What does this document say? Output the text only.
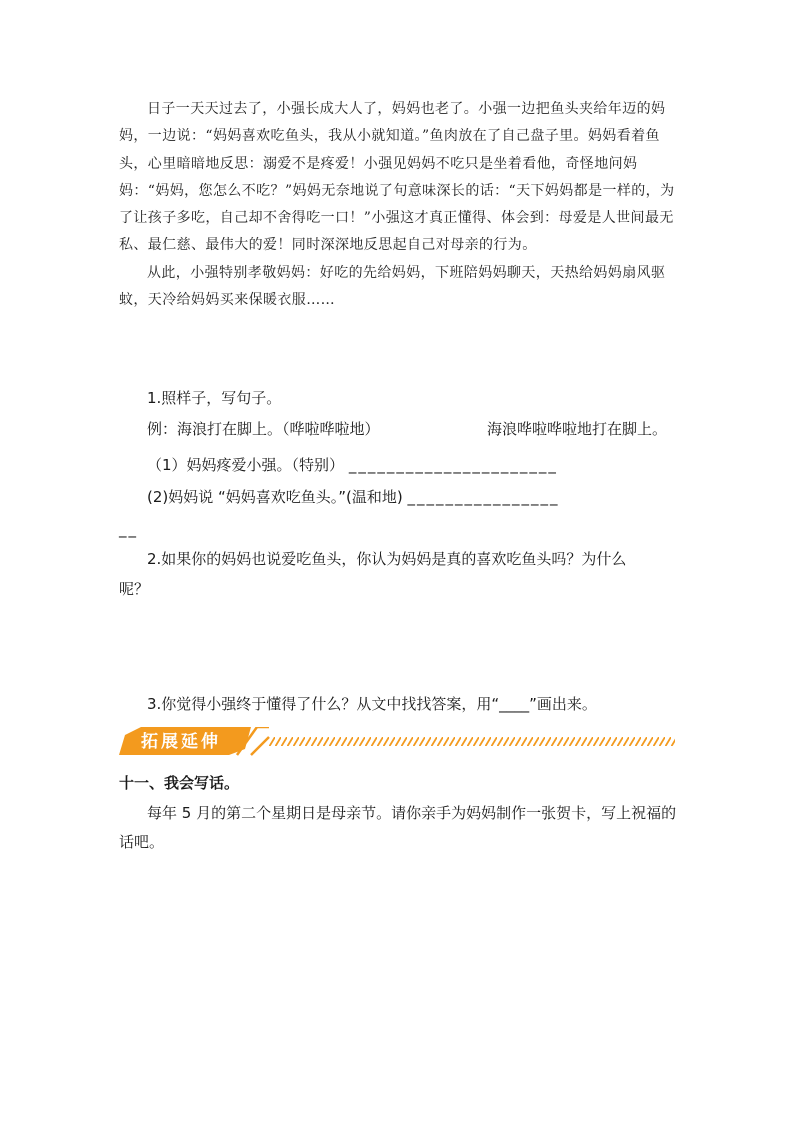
日子一天天过去了，小强长成大人了，妈妈也老了。小强一边把鱼头夹给年迈的妈妈，一边说：“妈妈喜欢吃鱼头，我从小就知道。”鱼肉放在了自己盘子里。妈妈看着鱼头，心里暗暗地反思：溺爱不是疼爱！小强见妈妈不吃只是坐着看他，奇怪地问妈妈：“妈妈，您怎么不吃？”妈妈无奈地说了句意味深长的话：“天下妈妈都是一样的，为了让孩子多吃，自己却不舍得吃一口！”小强这才真正懂得、体会到：母爱是人世间最无私、最仁慈、最伟大的爱！同时深深地反思起自己对母亲的行为。

从此，小强特别孝敬妈妈：好吃的先给妈妈，下班陪妈妈聊天，天热给妈妈扇风驱蚊，天冷给妈妈买来保暖衣服……

1.照样子，写句子。
例：海浪打在脚上。（哗啦哗啦地）	海浪哗啦哗啦地打在脚上。
（1）妈妈疼爱小强。（特别） ______________________
(2)妈妈说 “妈妈喜欢吃鱼头。”(温和地) ________________
__
2.如果你的妈妈也说爱吃鱼头，你认为妈妈是真的喜欢吃鱼头吗？为什么
呢？
3.你觉得小强终于懂得了什么？从文中找找答案，用“____”画出来。
拓展延伸
十一、我会写话。

每年 5 月的第二个星期日是母亲节。请你亲手为妈妈制作一张贺卡，写上祝福的话吧。
